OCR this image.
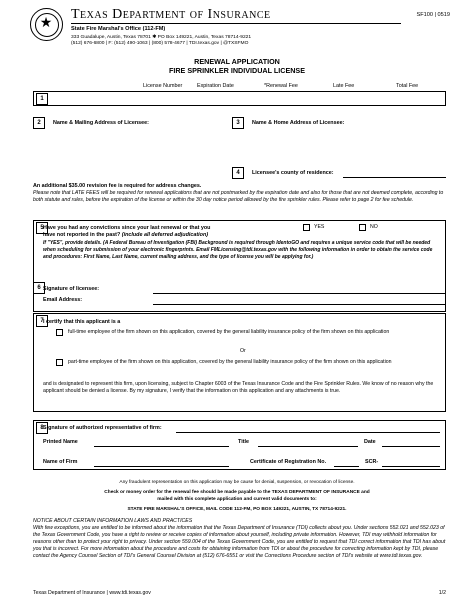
★	Texas Department of Insurance
State Fire Marshal's Office (112-FM)
333 Guadalupe, Austin, Texas 78701 ✱ PO Box 149221, Austin, Texas 78714-9221
(512) 676-6800 | F: (512) 490-1063 | (800) 578-4677 | TDI.texas.gov | @TXSFMO
SF100 | 0519
RENEWAL APPLICATION
FIRE SPRINKLER INDIVIDUAL LICENSE
License Number	Expiration Date	*Renewal Fee	Late Fee	Total Fee
1
2	Name & Mailing Address of Licensee:	3	Name & Home Address of Licensee:
4	Licensee's county of residence:
An additional $35.00 revision fee is required for address changes.
Please note that LATE FEES will be required for renewal applications that are not postmarked by the expiration date and also for those that are not deemed complete, according to both statute and rules, before the expiration of the license or within the 30 day notice period allowed by the fire sprinkler rules. Please refer to page 2 for fee schedule.
5 Have you had any convictions since your last renewal or that you
have not reported in the past? (include all deferred adjudication)
YES	NO
If "YES", provide details. (A Federal Bureau of Investigation (FBI) Background is required through IdentoGO and requires a unique service code that will be needed when scheduling for submission of your electronic fingerprints. Email FMLicensing@tdi.texas.gov with the following information in order to obtain the service code and procedures: First Name, Last Name, current mailing address, and the type of license you will be applying for.)
6 Signature of licensee:
Email Address:
7 I certify that this applicant is a
full-time employee of the firm shown on this application, covered by the general liability insurance policy of the firm shown on this application
Or
part-time employee of the firm shown on this application, covered by the general liability insurance policy of the firm shown on this application
and is designated to represent this firm, upon licensing, subject to Chapter 6003 of the Texas Insurance Code and the Fire Sprinkler Rules. We know of no reason why the applicant should be denied a license. By my signature, I verify that the information on this application and any attachments is true.
8 Signature of authorized representative of firm:
Printed Name	Title	Date
Name of Firm	Certificate of Registration No.	SCR-
Any fraudulent representation on this application may be cause for denial, suspension, or revocation of license.
Check or money order for the renewal fee should be made payable to the TEXAS DEPARTMENT OF INSURANCE and
mailed with this complete application and current valid documents to:
STATE FIRE MARSHAL'S OFFICE, MAIL CODE 112-FM, PO BOX 149221, AUSTIN, TX 78714-9221.
NOTICE ABOUT CERTAIN INFORMATION LAWS AND PRACTICES
With few exceptions, you are entitled to be informed about the information that the Texas Department of Insurance (TDI) collects about you. Under sections 552.021 and 552.023 of the Texas Government Code, you have a right to review or receive copies of information about yourself, including private information. However, TDI may withhold information for reasons other than to protect your right to privacy. Under section 559.004 of the Texas Government Code, you are entitled to request that TDI correct information that TDI has about you that is incorrect. For more information about the procedure and costs for obtaining information from TDI or about the procedure for correcting information kept by TDI, please contact the Agency Counsel Section of TDI's General Counsel Division at (512) 676-6551 or visit the Corrections Procedure section of TDI's website at www.tdi.texas.gov.
Texas Department of Insurance | www.tdi.texas.gov	1/2
